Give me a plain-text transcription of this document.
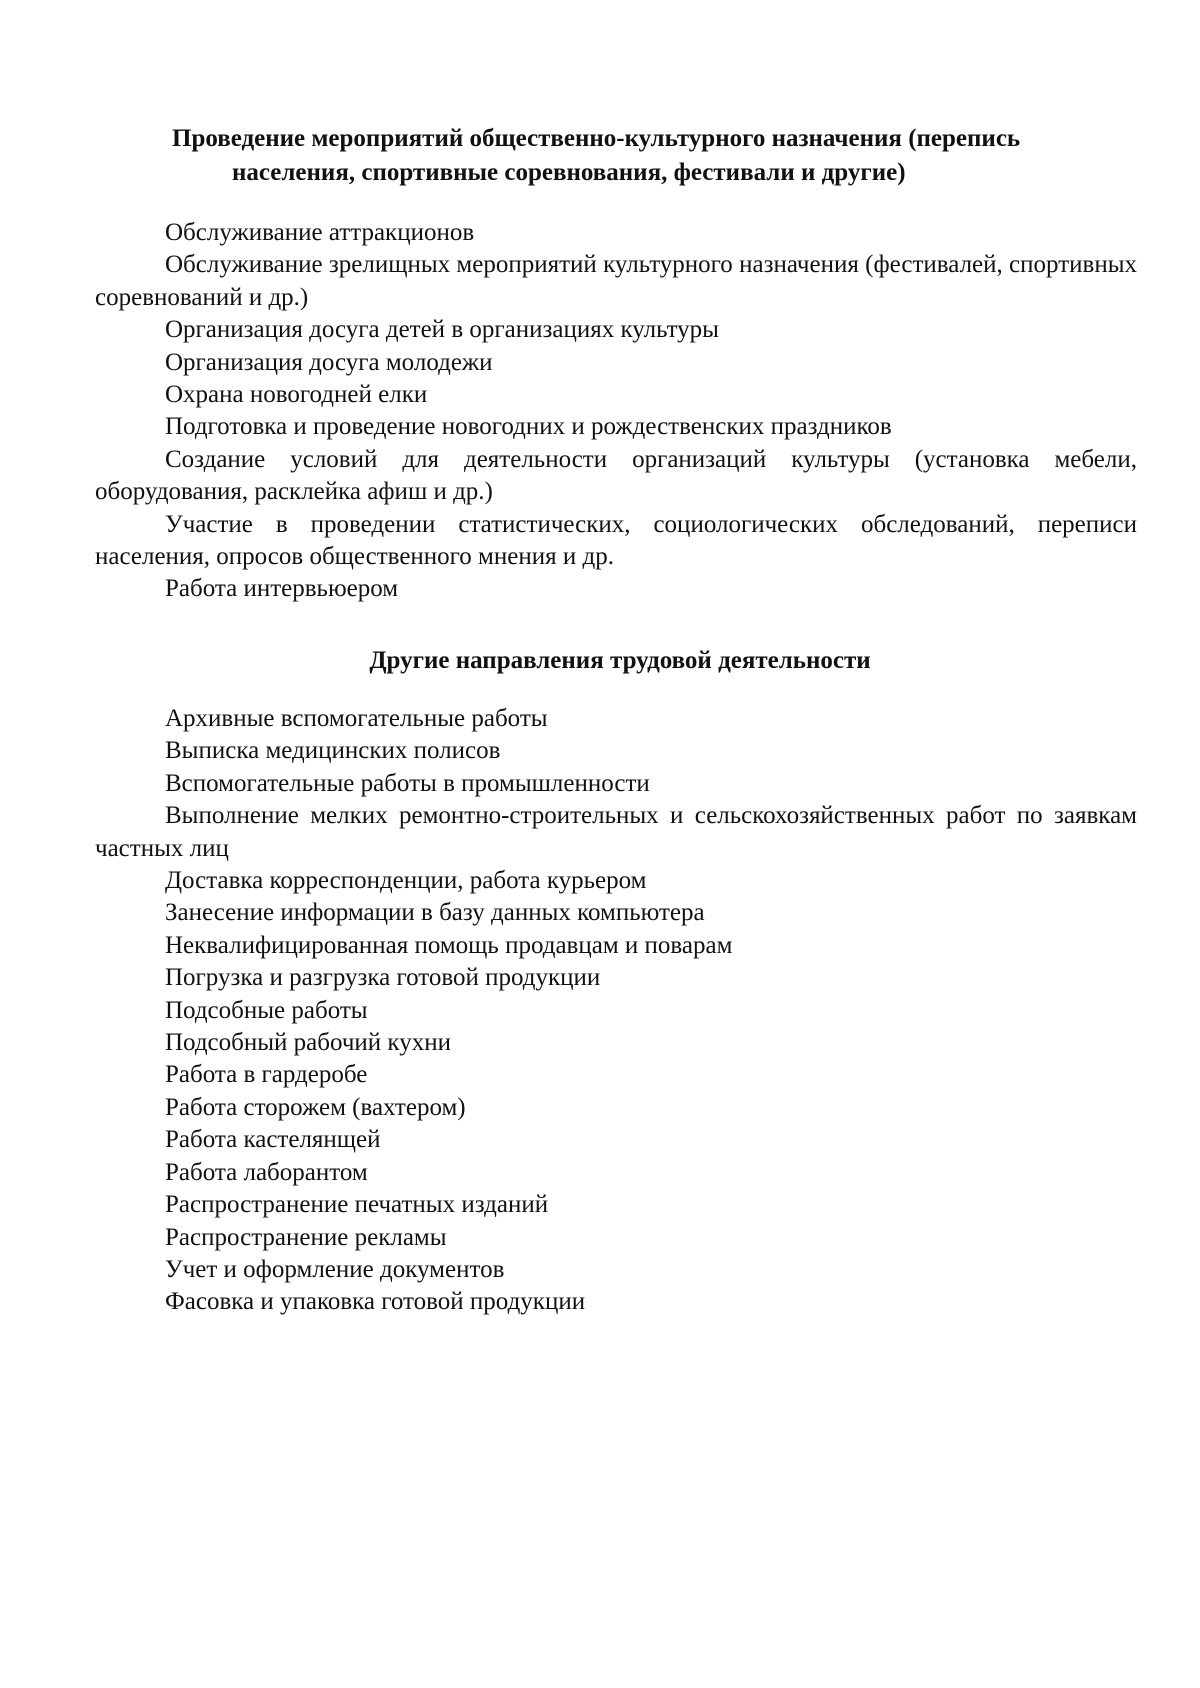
Проведение мероприятий общественно-культурного назначения (перепись
населения, спортивные соревнования, фестивали и другие)
Обслуживание аттракционов
Обслуживание зрелищных мероприятий культурного назначения (фестивалей, спортивных соревнований и др.)
Организация досуга детей в организациях культуры
Организация досуга молодежи
Охрана новогодней елки
Подготовка и проведение новогодних и рождественских праздников
Создание условий для деятельности организаций культуры (установка мебели, оборудования, расклейка афиш и др.)
Участие в проведении статистических, социологических обследований, переписи населения, опросов общественного мнения и др.
Работа интервьюером
Другие направления трудовой деятельности
Архивные вспомогательные работы
Выписка медицинских полисов
Вспомогательные работы в промышленности
Выполнение мелких ремонтно-строительных и сельскохозяйственных работ по заявкам частных лиц
Доставка корреспонденции, работа курьером
Занесение информации в базу данных компьютера
Неквалифицированная помощь продавцам и поварам
Погрузка и разгрузка готовой продукции
Подсобные работы
Подсобный рабочий кухни
Работа в гардеробе
Работа сторожем (вахтером)
Работа кастелянщей
Работа лаборантом
Распространение печатных изданий
Распространение рекламы
Учет и оформление документов
Фасовка и упаковка готовой продукции
